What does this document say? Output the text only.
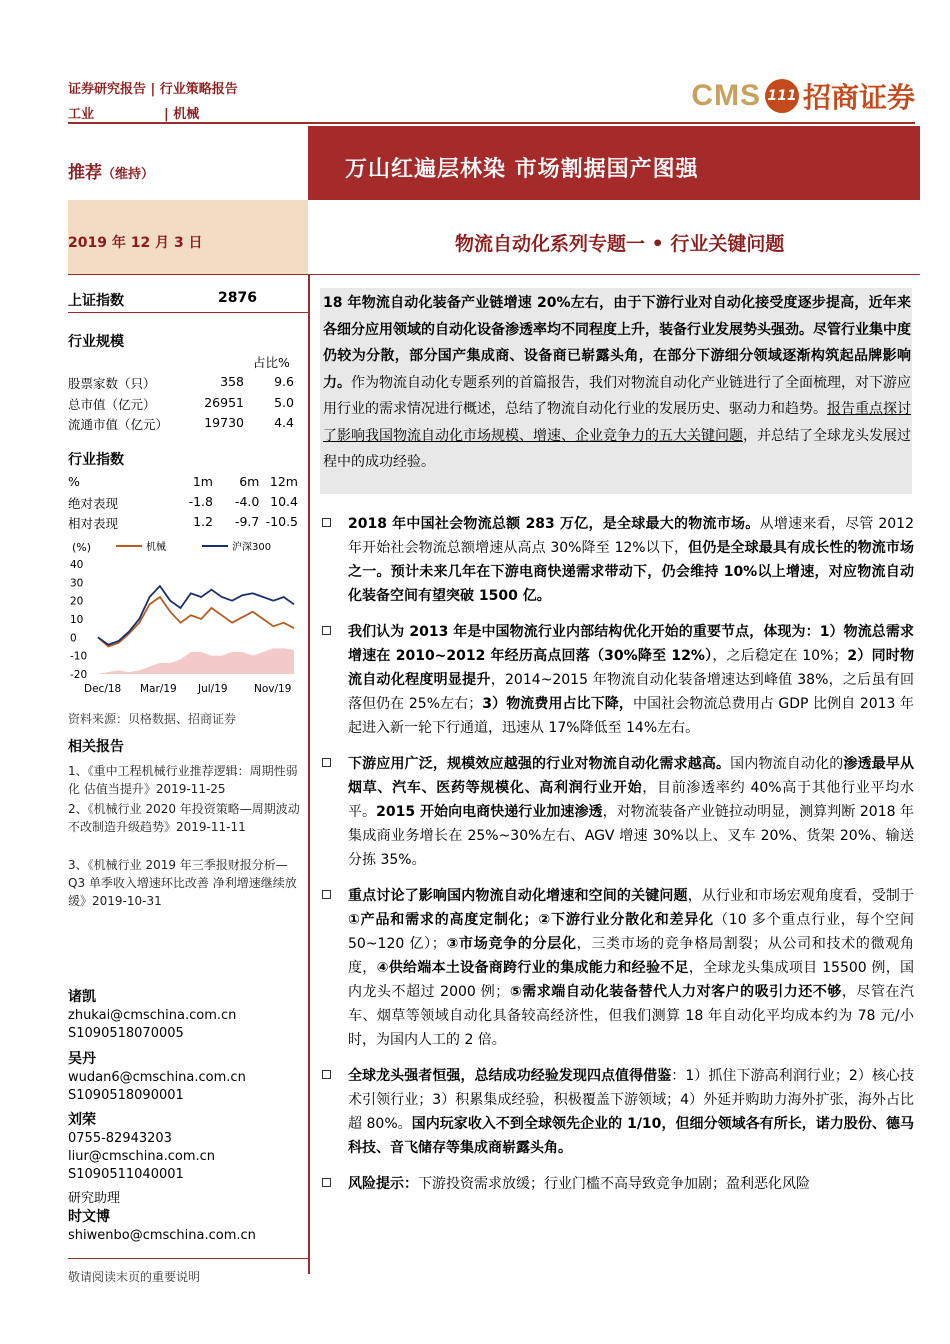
证券研究报告 | 行业策略报告
工业	| 机械
CMS 111 招商证券
推荐（维持）	万山红遍层林染 市场割据国产图强
2019 年 12 月 3 日	物流自动化系列专题一 • 行业关键问题
上证指数	2876
行业规模
占比%
股票家数（只）	358	9.6
总市值（亿元）	26951	5.0
流通市值（亿元）	19730	4.4
行业指数
%	1m	6m 12m
绝对表现	-1.8	-4.0 10.4
相对表现	1.2	-9.7 -10.5
(%)	机械	沪深300
40
30
20
10
0
-10
-20
Dec/18 Mar/19 Jul/19	Nov/19
资料来源：贝格数据、招商证券
相关报告
1、《重中工程机械行业推荐逻辑：周期性弱化 估值当提升》2019-11-25
2、《机械行业 2020 年投资策略—周期波动不改制造升级趋势》2019-11-11
3、《机械行业 2019 年三季报财报分析—Q3 单季收入增速环比改善 净利增速继续放缓》2019-10-31
诸凯
zhukai@cmschina.com.cn
S1090518070005
吴丹
wudan6@cmschina.com.cn
S1090518090001
刘荣
0755-82943203
liur@cmschina.com.cn
S1090511040001
研究助理
时文博
shiwenbo@cmschina.com.cn
敬请阅读末页的重要说明
18 年物流自动化装备产业链增速 20%左右，由于下游行业对自动化接受度逐步提高，近年来各细分应用领域的自动化设备渗透率均不同程度上升，装备行业发展势头强劲。尽管行业集中度仍较为分散，部分国产集成商、设备商已崭露头角，在部分下游细分领域逐渐构筑起品牌影响力。作为物流自动化专题系列的首篇报告，我们对物流自动化产业链进行了全面梳理，对下游应用行业的需求情况进行概述，总结了物流自动化行业的发展历史、驱动力和趋势。报告重点探讨了影响我国物流自动化市场规模、增速、企业竞争力的五大关键问题，并总结了全球龙头发展过程中的成功经验。
2018 年中国社会物流总额 283 万亿，是全球最大的物流市场。从增速来看，尽管 2012 年开始社会物流总额增速从高点 30%降至 12%以下，但仍是全球最具有成长性的物流市场之一。预计未来几年在下游电商快递需求带动下，仍会维持 10%以上增速，对应物流自动化装备空间有望突破 1500 亿。
我们认为 2013 年是中国物流行业内部结构优化开始的重要节点，体现为：1）物流总需求增速在 2010~2012 年经历高点回落（30%降至 12%），之后稳定在 10%；2）同时物流自动化程度明显提升，2014~2015 年物流自动化装备增速达到峰值 38%，之后虽有回落但仍在 25%左右；3）物流费用占比下降，中国社会物流总费用占 GDP 比例自 2013 年起进入新一轮下行通道，迅速从 17%降低至 14%左右。
下游应用广泛，规模效应越强的行业对物流自动化需求越高。国内物流自动化的渗透最早从烟草、汽车、医药等规模化、高利润行业开始，目前渗透率约 40%高于其他行业平均水平。2015 开始向电商快递行业加速渗透，对物流装备产业链拉动明显，测算判断 2018 年集成商业务增长在 25%~30%左右、AGV 增速 30%以上、叉车 20%、货架 20%、输送分拣 35%。
重点讨论了影响国内物流自动化增速和空间的关键问题，从行业和市场宏观角度看，受制于①产品和需求的高度定制化；②下游行业分散化和差异化（10 多个重点行业，每个空间 50~120 亿）；③市场竞争的分层化，三类市场的竞争格局割裂；从公司和技术的微观角度，④供给端本土设备商跨行业的集成能力和经验不足，全球龙头集成项目 15500 例，国内龙头不超过 2000 例；⑤需求端自动化装备替代人力对客户的吸引力还不够，尽管在汽车、烟草等领域自动化具备较高经济性，但我们测算 18 年自动化平均成本约为 78 元/小时，为国内人工的 2 倍。
全球龙头强者恒强，总结成功经验发现四点值得借鉴：1）抓住下游高利润行业；2）核心技术引领行业；3）积累集成经验，积极覆盖下游领域；4）外延并购助力海外扩张，海外占比超 80%。国内玩家收入不到全球领先企业的 1/10，但细分领域各有所长，诺力股份、德马科技、音飞储存等集成商崭露头角。
风险提示：下游投资需求放缓；行业门槛不高导致竞争加剧；盈利恶化风险
